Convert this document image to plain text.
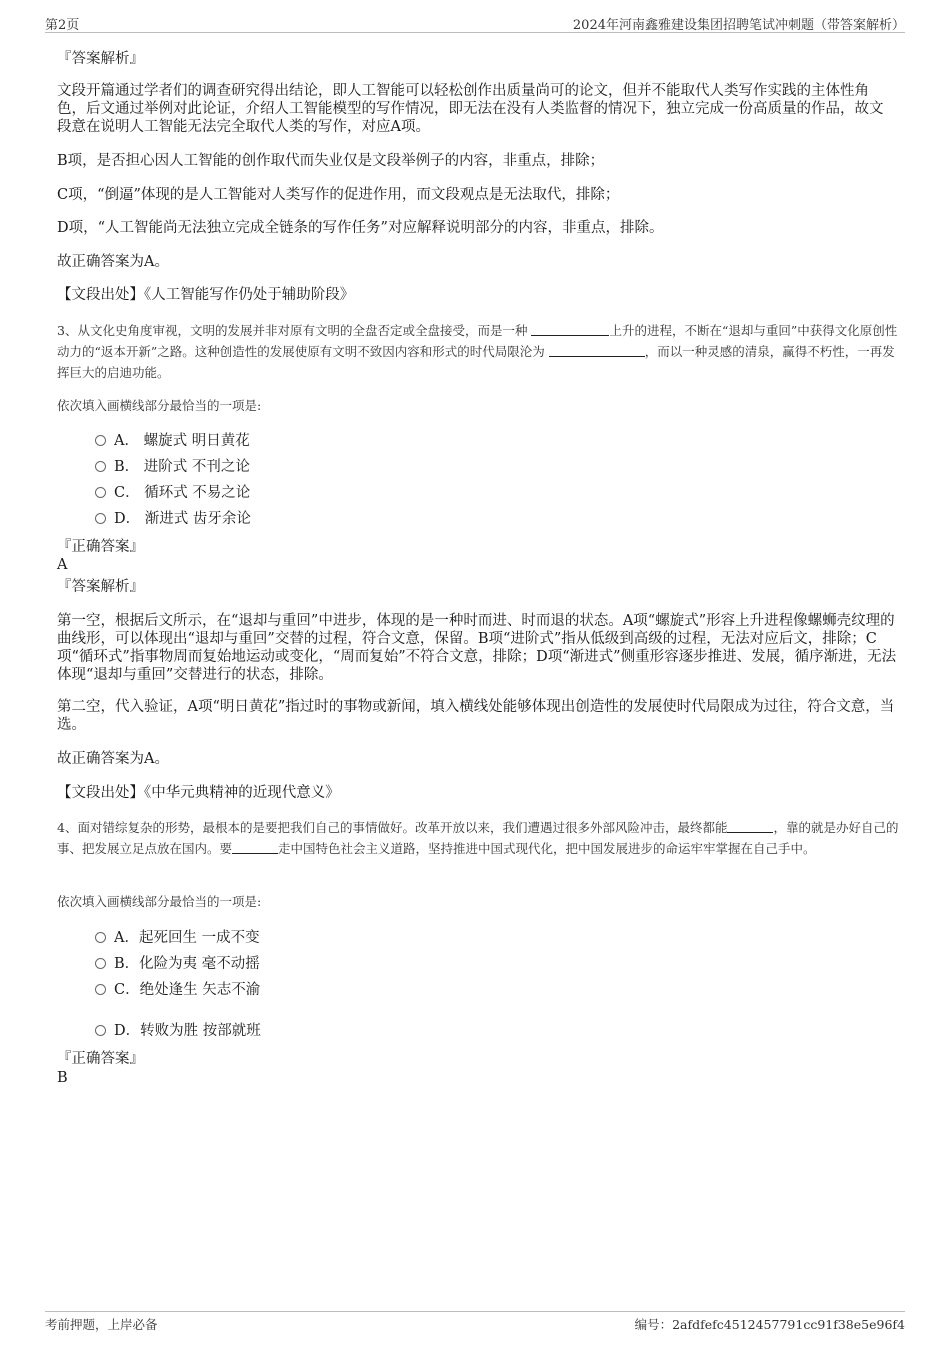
第2页	2024年河南鑫雅建设集团招聘笔试冲刺题（带答案解析）
『答案解析』
文段开篇通过学者们的调查研究得出结论，即人工智能可以轻松创作出质量尚可的论文，但并不能取代人类写作实践的主体性角色，后文通过举例对此论证，介绍人工智能模型的写作情况，即无法在没有人类监督的情况下，独立完成一份高质量的作品，故文段意在说明人工智能无法完全取代人类的写作，对应A项。
B项，是否担心因人工智能的创作取代而失业仅是文段举例子的内容，非重点，排除；
C项，“倒逼”体现的是人工智能对人类写作的促进作用，而文段观点是无法取代，排除；
D项，“人工智能尚无法独立完成全链条的写作任务”对应解释说明部分的内容，非重点，排除。
故正确答案为A。
【文段出处】《人工智能写作仍处于辅助阶段》
3、从文化史角度审视，文明的发展并非对原有文明的全盘否定或全盘接受，而是一种	上升的进程，不断在“退却与重回”中获得文化原创性动力的“返本开新”之路。这种创造性的发展使原有文明不致因内容和形式的时代局限沦为	，而以一种灵感的清泉，赢得不朽性，一再发挥巨大的启迪功能。
依次填入画横线部分最恰当的一项是:
A． 螺旋式 明日黄花
B． 进阶式 不刊之论
C． 循环式 不易之论
D． 渐进式 齿牙余论
『正确答案』
A
『答案解析』
第一空，根据后文所示，在“退却与重回”中进步，体现的是一种时而进、时而退的状态。A项“螺旋式”形容上升进程像螺蛳壳纹理的曲线形，可以体现出“退却与重回”交替的过程，符合文意，保留。B项“进阶式”指从低级到高级的过程，无法对应后文，排除；C项“循环式”指事物周而复始地运动或变化，“周而复始”不符合文意，排除；D项“渐进式”侧重形容逐步推进、发展，循序渐进，无法体现“退却与重回”交替进行的状态，排除。
第二空，代入验证，A项“明日黄花”指过时的事物或新闻，填入横线处能够体现出创造性的发展使时代局限成为过往，符合文意，当选。
故正确答案为A。
【文段出处】《中华元典精神的近现代意义》
4、面对错综复杂的形势，最根本的是要把我们自己的事情做好。改革开放以来，我们遭遇过很多外部风险冲击，最终都能	，靠的就是办好自己的事、把发展立足点放在国内。要	走中国特色社会主义道路，坚持推进中国式现代化，把中国发展进步的命运牢牢掌握在自己手中。
依次填入画横线部分最恰当的一项是:
A．起死回生 一成不变
B．化险为夷 毫不动摇
C．绝处逢生 矢志不渝
D．转败为胜 按部就班
『正确答案』
B
考前押题，上岸必备	编号：2afdfefc4512457791cc91f38e5e96f4
